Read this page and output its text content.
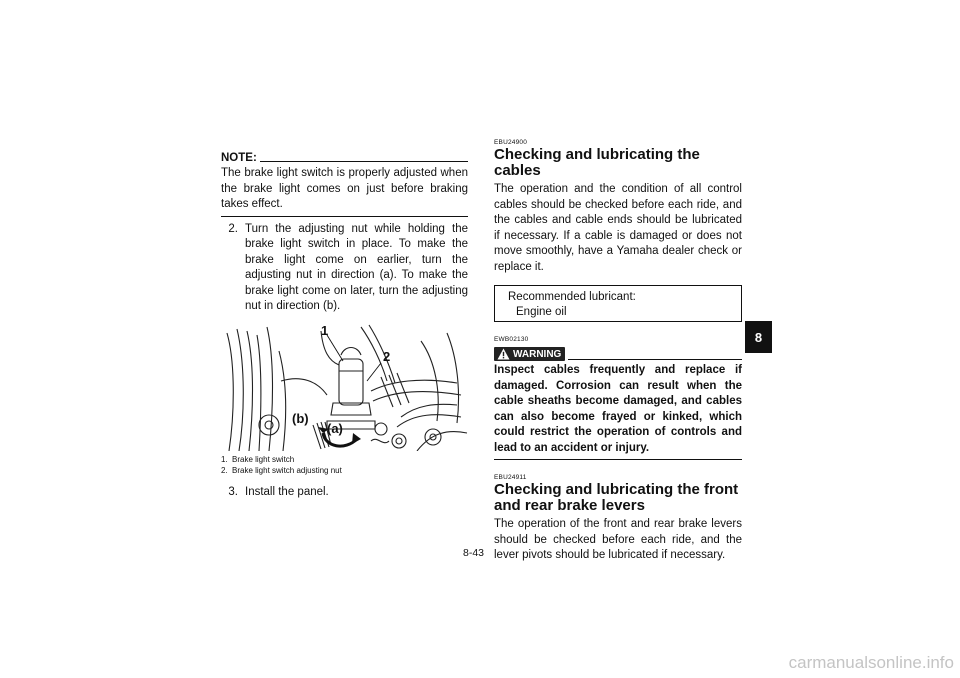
NOTE:

The brake light switch is properly adjusted when the brake light comes on just before braking takes effect.

2. Turn the adjusting nut while holding the brake light switch in place. To make the brake light come on earlier, turn the adjusting nut in direction (a). To make the brake light come on later, turn the adjusting nut in direction (b).
1
2
(b)
(a)
1. Brake light switch
2. Brake light switch adjusting nut
3. Install the panel.
EBU24900
Checking and lubricating the cables

The operation and the condition of all control cables should be checked before each ride, and the cables and cable ends should be lubricated if necessary. If a cable is damaged or does not move smoothly, have a Yamaha dealer check or replace it.

Recommended lubricant:
Engine oil
EWB02130
WARNING

Inspect cables frequently and replace if damaged. Corrosion can result when the cable sheaths become damaged, and cables can also become frayed or kinked, which could restrict the operation of controls and lead to an accident or injury.

EBU24911
Checking and lubricating the front and rear brake levers

The operation of the front and rear brake levers should be checked before each ride, and the lever pivots should be lubricated if necessary.

8-43
8
carmanualsonline.info
